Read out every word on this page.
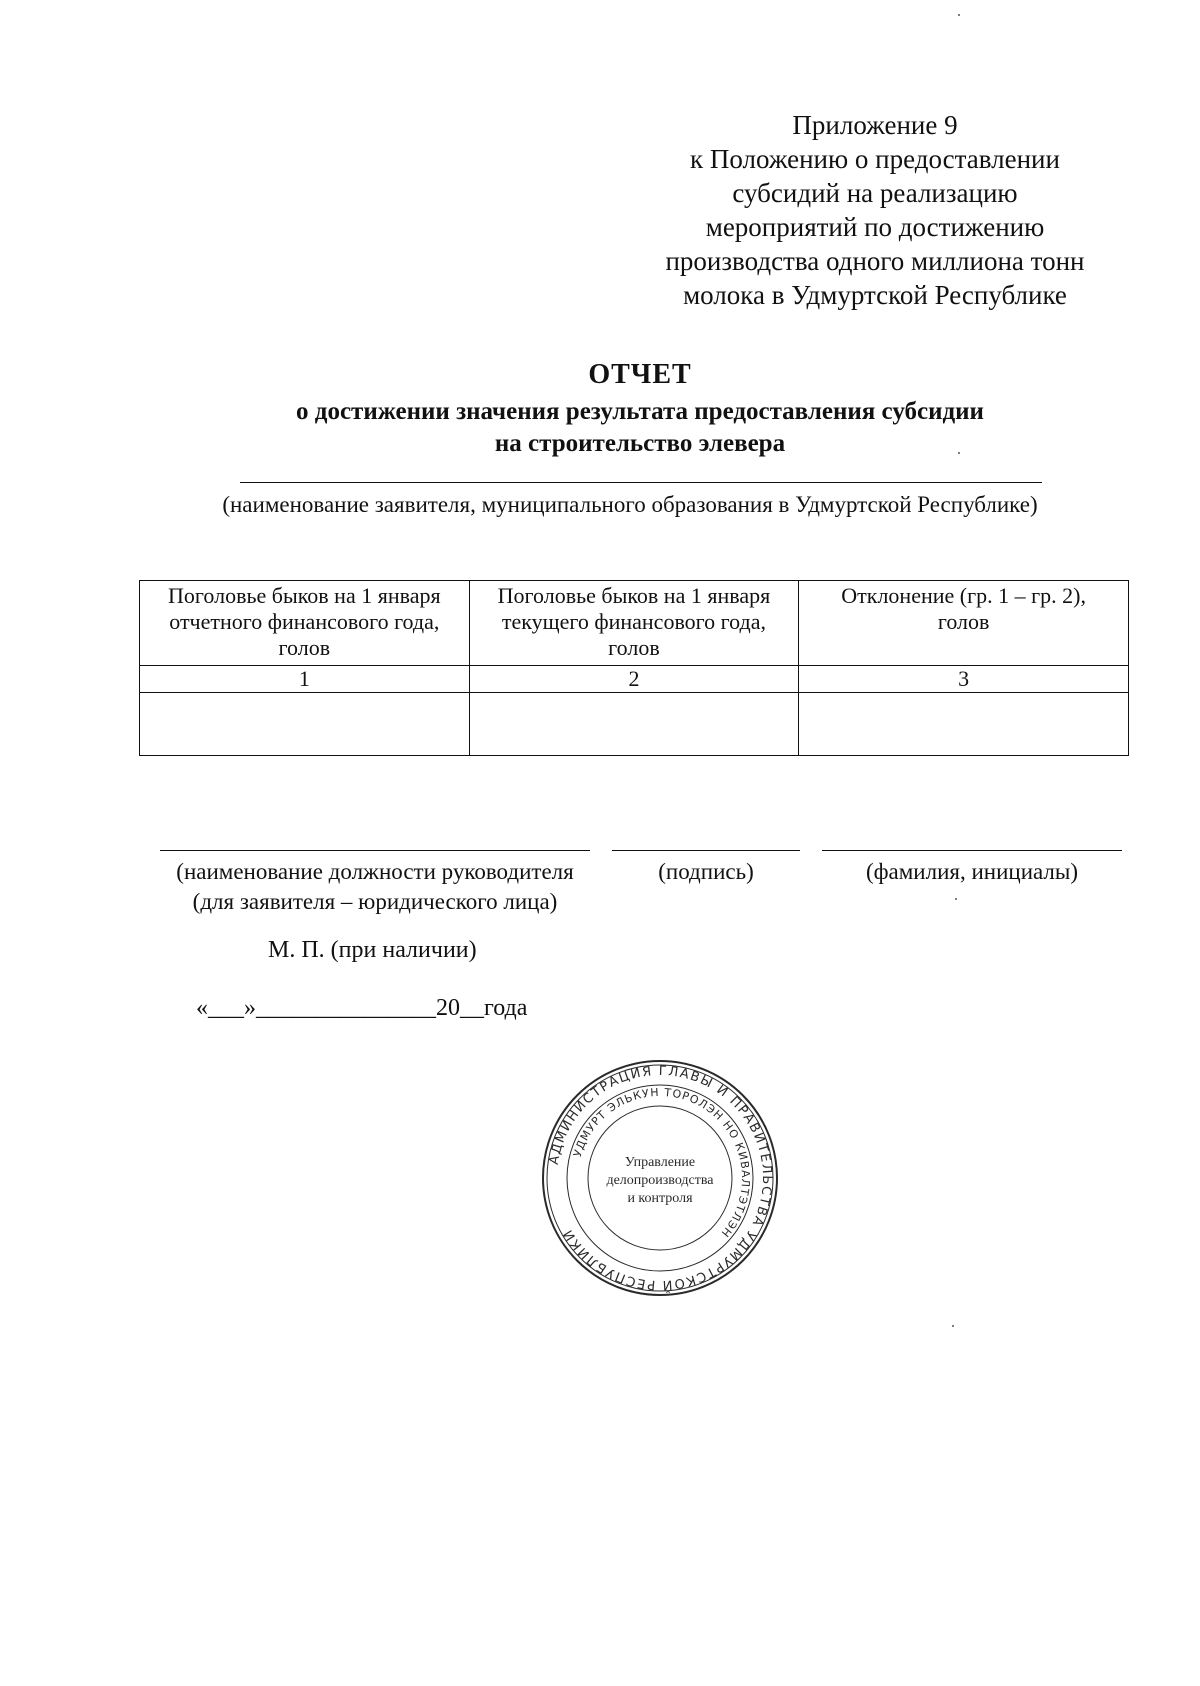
Приложение 9
к Положению о предоставлении
субсидий на реализацию
мероприятий по достижению
производства одного миллиона тонн
молока в Удмуртской Республике
ОТЧЕТ
о достижении значения результата предоставления субсидии
на строительство элевера
(наименование заявителя, муниципального образования в Удмуртской Республике)
Поголовье быков на 1 января отчетного финансового года, голов	Поголовье быков на 1 января текущего финансового года, голов	Отклонение (гр. 1 – гр. 2), голов
1	2	3

(наименование должности руководителя
(для заявителя – юридического лица)
(подпись)	(фамилия, инициалы)
М. П. (при наличии)
«___»_______________20__года
АДМИНИСТРАЦИЯ ГЛАВЫ И ПРАВИТЕЛЬСТВА УДМУРТСКОЙ РЕСПУБЛИКИ
УДМУРТ ЭЛЬКУН ТОРОЛЭН НО КИВАЛТЭТЛЭН
Управление
делопроизводства
и контроля
